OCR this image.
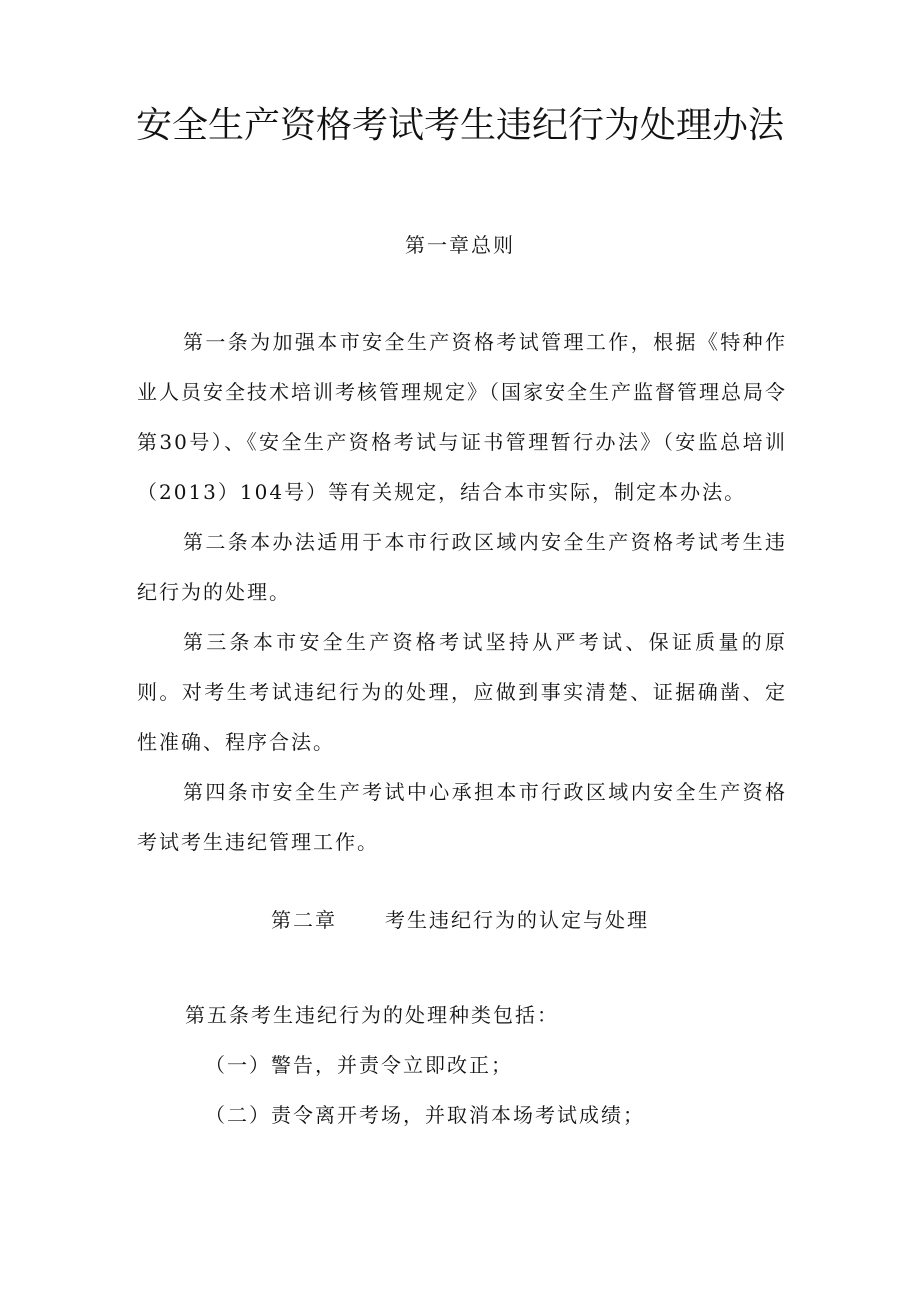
安全生产资格考试考生违纪行为处理办法
第一章总则

第一条为加强本市安全生产资格考试管理工作，根据《特种作业人员安全技术培训考核管理规定》（国家安全生产监督管理总局令第30号）、《安全生产资格考试与证书管理暂行办法》（安监总培训（2013）104号）等有关规定，结合本市实际，制定本办法。

第二条本办法适用于本市行政区域内安全生产资格考试考生违纪行为的处理。

第三条本市安全生产资格考试坚持从严考试、保证质量的原则。对考生考试违纪行为的处理，应做到事实清楚、证据确凿、定性准确、程序合法。

第四条市安全生产考试中心承担本市行政区域内安全生产资格考试考生违纪管理工作。

第二章 考生违纪行为的认定与处理

第五条考生违纪行为的处理种类包括：

（一）警告，并责令立即改正；

（二）责令离开考场，并取消本场考试成绩；
